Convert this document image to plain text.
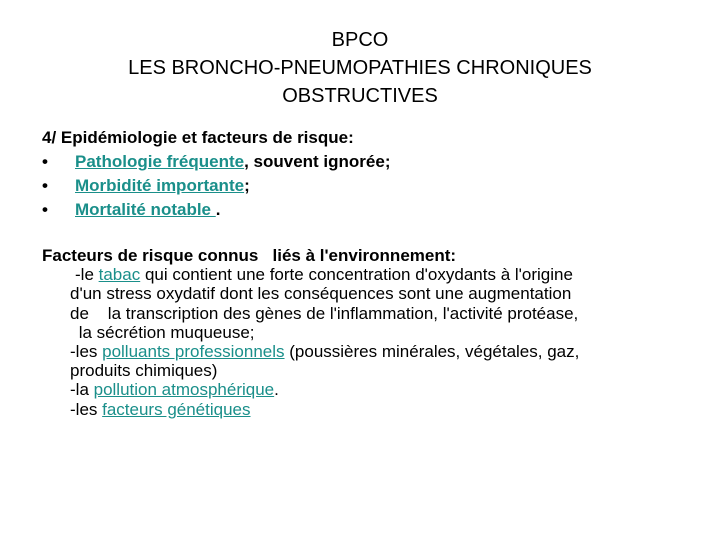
BPCO
LES BRONCHO-PNEUMOPATHIES CHRONIQUES
OBSTRUCTIVES
4/ Epidémiologie et facteurs de risque:
•	Pathologie fréquente, souvent ignorée;
•	Morbidité importante;
•	Mortalité notable .
Facteurs de risque connus   liés à l'environnement:
-le tabac qui contient une forte concentration d'oxydants à l'origine
d'un stress oxydatif dont les conséquences sont une augmentation
de    la transcription des gènes de l'inflammation, l'activité protéase,
la sécrétion muqueuse;
-les polluants professionnels (poussières minérales, végétales, gaz,
produits chimiques)
-la pollution atmosphérique.
-les facteurs génétiques
